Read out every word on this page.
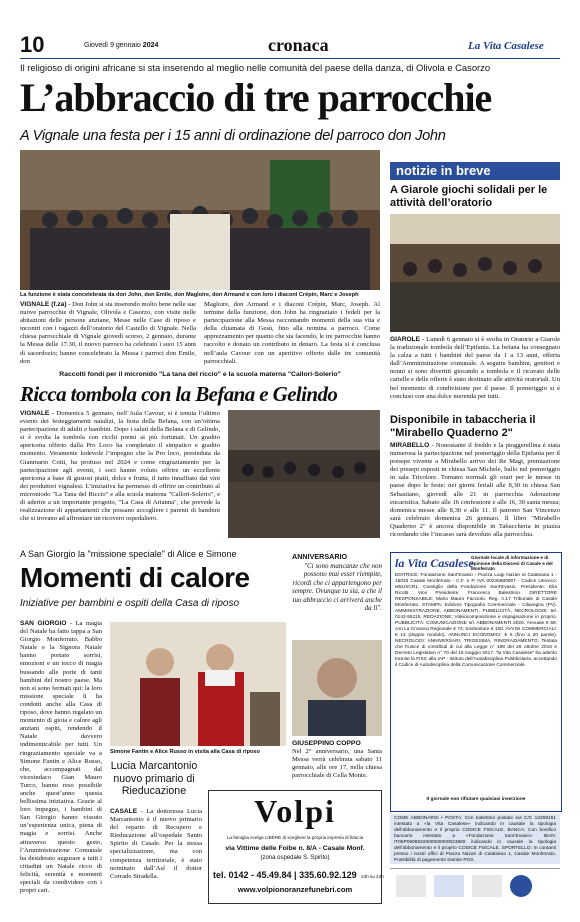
10	Giovedì 9 gennaio 2024	cronaca	La Vita Casalese
Il religioso di origini africane si sta inserendo al meglio nelle comunità del paese della danza, di Olivola e Casorzo
L’abbraccio di tre parrocchie
A Vignale una festa per i 15 anni di ordinazione del parroco don John
La funzione è stata concelebrata da don John, don Emile, don Magloire, don Armand e con loro i diaconi Crépin, Marc e Joseph
VIGNALE (f.za) - Don John si sta inserendo molto bene nelle sue nuove parrocchie di Vignale, Olivola e Casorzo, con visite nelle abitazioni delle persone anziane, Messe nelle Case di riposo e incontri con i ragazzi dell’oratorio del Castello di Vignale. Nella chiesa parrocchiale di Vignale giovedì scorso, 2 gennaio, durante la Messa delle 17.30, il nuovo parroco ha celebrato i suoi 15 anni di sacerdozio; hanno concelebrato la Messa i parroci don Emile, don
Magloire, don Armand e i diaconi Crépin, Marc, Joseph. Al termine della funzione, don John ha ringraziato i fedeli per la partecipazione alla Messa raccontando momenti della sua vita e della chiamata di Gesù, fino alla nomina a parroco. Come apprezzamento per quanto che sta facendo, le tre parrocchie hanno raccolto e donato un contributo in denaro. La festa si è conclusa nell’aula Cavour con un aperitivo offerto dalle tre comunità parrocchiali.
Raccolti fondi per il micronido "La tana del riccio" e la scuola materna "Callori-Solerio"
Ricca tombola con la Befana e Gelindo
VIGNALE - Domenica 5 gennaio, nell’Aula Cavour, si è tenuta l’ultimo evento dei festeggiamenti natalizi, la festa della Befana, con un’ottima partecipazione di adulti e bambini. Dopo i saluti della Befana e di Gelindo, si è svolta la tombola con ricchi premi ai più fortunati. Un gradito apericena offerto dalla Pro Loco ha completato il simpatico e gradito momento. Veramente lodevole l’impegno che la Pro loco, presieduta da Gianmario Cotti, ha profuso nel 2024 e come ringraziamento per la partecipazione agli eventi, i soci hanno voluto offrire un eccellente apericena a base di gustosi piatti, dolce e frutta, il tutto innaffiato dai vini dei produttori vignalesi. L’iniziativa ha permesso di offrire un contributo al microniodo "La Tana del Riccio" e alla scuola materna "Callori-Solerio", e di aderire a un importante progetto, "La Casa di Arianna", che prevede la realizzazione di appartamenti che possano accogliere i parenti di bambini che si trovano ad affrontare un ricovero ospedaliero.
notizie in breve
A Giarole giochi solidali per le attività dell’oratorio
GIAROLE - Lunedì 6 gennaio si è svolta in Oratorio a Giarole la tradizionale tombola dell’Epifania. La befana ha consegnato la calza a tutti i bambini del paese da 1 a 13 anni, offerta dall’Amministrazione comunale. A seguire bambini, genitori e nonni si sono divertiti giocando a tombola e il ricavato delle cartelle e delle offerte è stato destinato alle attività oratoriali. Un bel momento di condivisione per il paese. Il pomeriggio si è concluso con una dolce merenda per tutti.
Disponibile in tabaccheria il "Mirabello Quaderno 2"
MIRABELLO - Nonostante il freddo e la pioggerellina è stata numerosa la partecipazione nel pomeriggio della Epifania per il presepe vivente a Mirabello arrivo dei Re Magi, premiazione dei presepi esposti in chiesa San Michele, ballo nel pomeriggio in sala Tricolore. Tornano normali gli orari per le messe in paese dopo le feste: nei giorni feriali alle 8,30 in chiesa San Sebastiano, giovedì alle 21 in parrocchia Adorazione eucaristica. Sabato alle 16 confessioni e alle 16, 30 santa messa; domenica messe alle 8,30 e alle 11. Il patrono San Vincenzo sarà celebrato domenica 26 gennaio. Il libro "Mirabello Quaderno 2" è ancora disponibile in Tabaccheria in piazza ricordando che l’incasso sarà devoluto alla parrocchia.
A San Giorgio la "missione speciale" di Alice e Simone
Momenti di calore
Iniziative per bambini e ospiti della Casa di riposo
SAN GIORGIO - La magia del Natale ha fatto tappa a San Giorgio Monferrato. Babbo Natale e la Signora Natale hanno portato sorrisi, emozioni e un tocco di magia bussando alle porte di tanti bambini del nostro paese. Ma non si sono fermati qui: la loro missione speciale li ha condotti anche alla Casa di riposo, dove hanno regalato un momento di gioia e calore agli anziani ospiti, rendendo il Natale davvero indimenticabile per tutti. Un ringraziamento speciale va a Simone Fantin e Alice Russo, che, accompagnati dal vicesindaco Gian Mauro Turco, hanno reso possibile anche quest’anno questa bellissima iniziativa. Grazie al loro impegno, i bambini di San Giorgio hanno vissuto un’esperienza unica, piena di magia e sorrisi. Anche attraverso questo gesto, l’Amministrazione Comunale ha desiderato augurare a tutti i cittadini un Natale ricco di felicità, serenità e momenti speciali da condividere con i propri cari.
Simone Fantin e Alice Russo in visita alla Casa di riposo
ANNIVERSARIO
"Ci sono mancanze che non possono mai esser riempite, ricordi che ci appartengono per sempre. Ovunque tu sia, a che il tuo abbraccio ci arriverà anche da lì".
GIUSEPPINO COPPO
Nel 2° anniversario, una Santa Messa verrà celebrata sabato 11 gennaio, alle ore 17, nella chiesa parrocchiale di Cella Monte.
Lucia Marcantonio nuovo primario di Rieducazione
CASALE - La dottoressa Lucia Marcantonio è il nuovo primario del reparto di Recupero e Rieducazione all’ospedale Santo Spirito di Casale. Per la stessa specializzazione, ma con competenza territoriale, è stato nominato dall’Asl il dottor Corrado Stradella.
Volpi
La famiglia scelga LIBERE di scegliere la propria impresa di fiducia
via Vittime delle Foibe n. 8/A - Casale Monf.
(zona ospedale S. Spirito)
tel. 0142 - 45.49.84 | 335.60.92.129 24h su 24h
www.volpionoranzefunebri.com
la Vita Casalese
Giornale locale di informazione e di opinione della Diocesi di Casale e del Monferrato
EDITRICE: Fondazione Sant’Evasio - Piazza Luigi Nazari di Calabiana 1 - 15033 Casale Monferrato - C.F. e P. IVA 00235880067 - Codice Univoco: M5UXCR1. Consiglio della Fondazione Sant’Evasio. Presidente: Elia Ricotti. Vice Presidente: Francesco Balestrino. DIRETTORE RESPONSABILE: Mario Mauro Facciolo. Reg. n.17 Tribunale di Casale Monferrato. STAMPA: Edizioni Tipografia Commerciale - Cilavegna (PV). AMMINISTRAZIONE, ABBONAMENTI, PUBBLICITÀ, NECROLOGIE: tel. 0142-55115. REDAZIONE: Videocomposizione e impaginazione in proprio. PUBBLICITÀ: COMUNICAZIONE srl. ABBONAMENTI 2025: Annuale € 58; con La Cronaca Regionale € 73; Sostenitore € 100. AVVISI COMMERCIALI: € 12 (doppio modulo). ANNUNCI ECONOMICI: € 6 (fino a 20 parole). NECROLOGI: ANNIVERSARI, TRIGESIMA, RINGRAZIAMENTO. Testata che fruisce di contributi di cui alla Legge n° 198 del 26 ottobre 2016 e Decreto Legislativo n° 70 del 15 maggio 2017. "la Vita Casalese" ha aderito tramite la FISC alla IAP - Istituto dell’Autodisciplina Pubblicitaria, accettando il Codice di Autodisciplina della Comunicazione Commerciale.
Il giornale non rifiutare qualsiasi inserzione
COME ABBONARSI • POSTA: Con bollettino postale sul C/C 12208151 intestato a «la Vita Casalese» indicando in causale la tipologia dell’abbonamento e il proprio CODICE FISCALE. BANCA: Con bonifico bancario intestato a «Fondazione Sant’Evasio» IBAN: IT05P0608522600000000023869 indicando in causale la tipologia dell’abbonamento e il proprio CODICE FISCALE. SPORTELLO: In contanti presso i nostri uffici di Piazza Nazari di Calabiana 1, Casale Monferrato. Possibilità di pagamento tramite POS.
